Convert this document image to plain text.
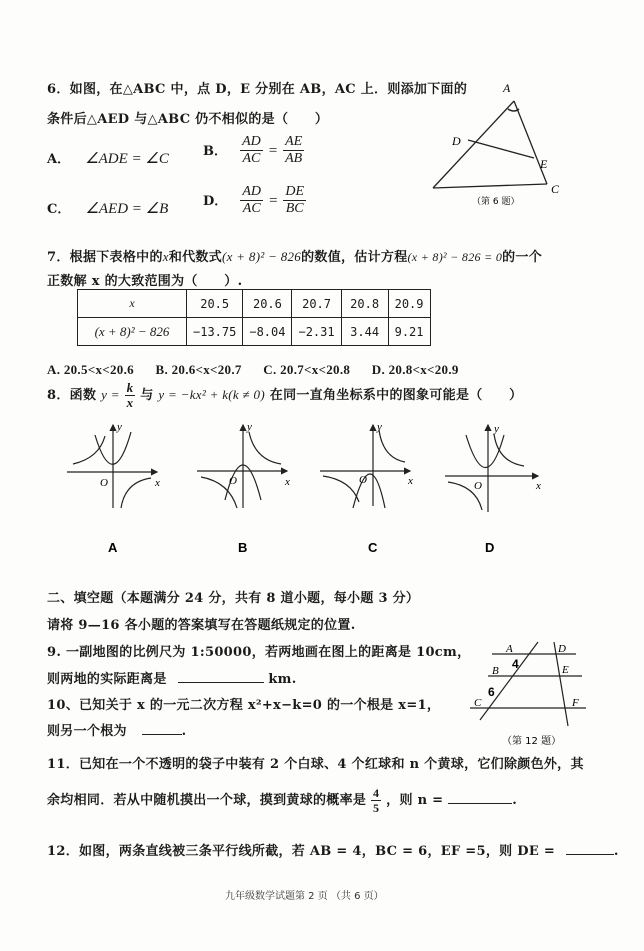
6．如图，在△ABC 中，点 D，E 分别在 AB，AC 上．则添加下面的
条件后△AED 与△ABC 仍不相似的是（　　）
A． ∠ADE = ∠C	B． $\frac{AD}{AC} = \frac{AE}{AB}$
C． ∠AED = ∠B	D． $\frac{AD}{AC} = \frac{DE}{BC}$
A
D
E
C
（第 6 题）
7．根据下表格中的x和代数式(x + 8)² − 826的数值，估计方程(x + 8)² − 826 = 0的一个
正数解 x 的大致范围为（　　）.
x	20.5	20.6	20.7	20.8	20.9
(x + 8)² − 826	−13.75	−8.04	−2.31	3.44	9.21
A. 20.5<x<20.6 B. 20.6<x<20.7 C. 20.7<x<20.8 D. 20.8<x<20.9
8．函数 $y = \frac{k}{x}$ 与 y = −kx² + k(k ≠ 0) 在同一直角坐标系中的图象可能是（　　）
y
x
O
A
y
x
O
B
y
x
O
C
y
x
O
D
二、填空题（本题满分 24 分，共有 8 道小题，每小题 3 分）
请将 9—16 各小题的答案填写在答题纸规定的位置.
9. 一副地图的比例尺为 1:50000，若两地画在图上的距离是 10cm，
则两地的实际距离是	km.
10、已知关于 x 的一元二次方程 x²+x−k=0 的一个根是 x=1，
则另一个根为	.
A
B
C
D
E
F
4
6
（第 12 题）
11．已知在一个不透明的袋子中装有 2 个白球、4 个红球和 n 个黄球，它们除颜色外，其
余均相同．若从中随机摸出一个球，摸到黄球的概率是 $\frac{4}{5}$ ，则 n =	.
12．如图，两条直线被三条平行线所截，若 AB = 4，BC = 6，EF =5，则 DE =	.
九年级数学试题第 2 页 （共 6 页）
